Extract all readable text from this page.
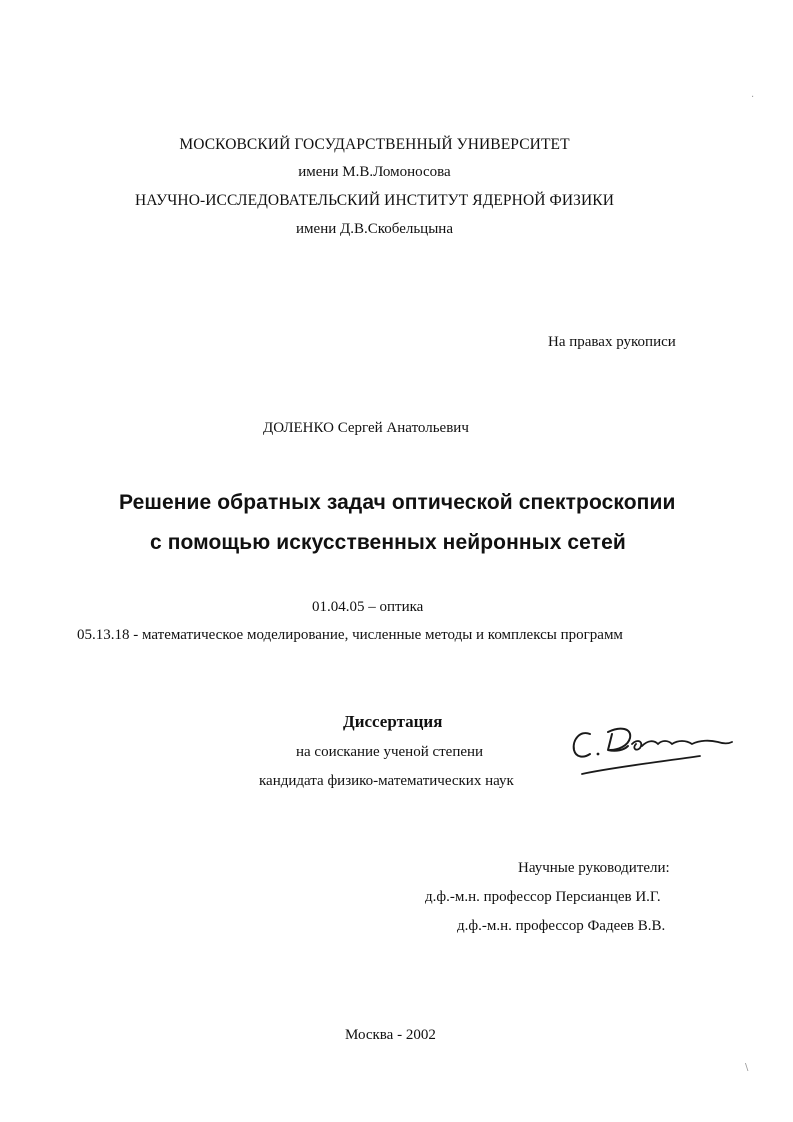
·
\
МОСКОВСКИЙ ГОСУДАРСТВЕННЫЙ УНИВЕРСИТЕТ
имени М.В.Ломоносова
НАУЧНО-ИССЛЕДОВАТЕЛЬСКИЙ ИНСТИТУТ ЯДЕРНОЙ ФИЗИКИ
имени Д.В.Скобельцына
На правах рукописи
ДОЛЕНКО Сергей Анатольевич
Решение обратных задач оптической спектроскопии
с помощью искусственных нейронных сетей
01.04.05 – оптика
05.13.18 - математическое моделирование, численные методы и комплексы программ
Диссертация
на соискание ученой степени
кандидата физико-математических наук
Научные руководители:
д.ф.-м.н. профессор Персианцев И.Г.
д.ф.-м.н. профессор Фадеев В.В.
Москва - 2002
